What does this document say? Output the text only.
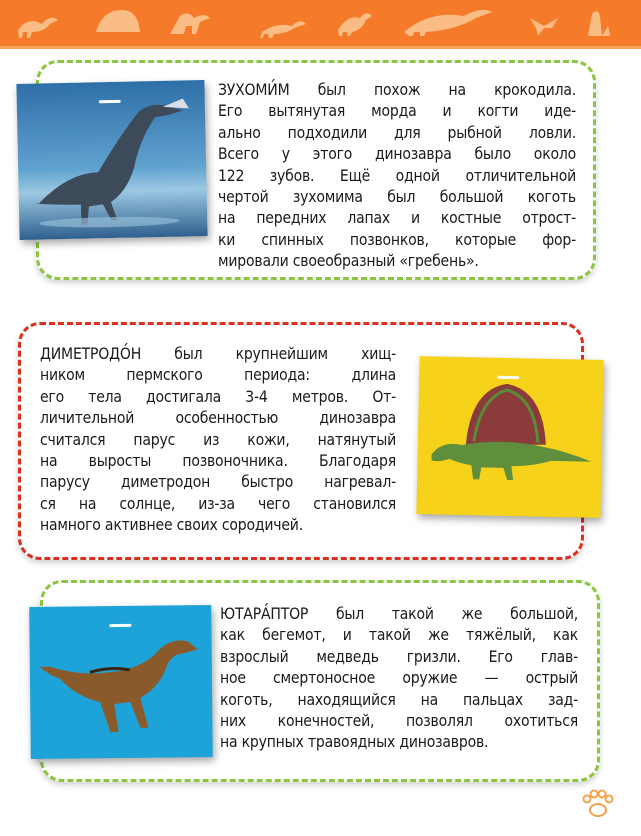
ЗУХОМИ́М был похож на крокодила.
Его вытянутая морда и когти иде-
ально подходили для рыбной ловли.
Всего у этого динозавра было около
122 зубов. Ещё одной отличительной
чертой зухомима был большой коготь
на передних лапах и костные отрост-
ки спинных позвонков, которые фор-
мировали своеобразный «гребень».
ДИМЕТРОДО́Н был крупнейшим хищ-
ником пермского периода: длина
его тела достигала 3-4 метров. От-
личительной особенностью динозавра
считался парус из кожи, натянутый
на выросты позвоночника. Благодаря
парусу диметродон быстро нагревал-
ся на солнце, из-за чего становился
намного активнее своих сородичей.
ЮТАРА́ПТОР был такой же большой,
как бегемот, и такой же тяжёлый, как
взрослый медведь гризли. Его глав-
ное смертоносное оружие — острый
коготь, находящийся на пальцах зад-
них конечностей, позволял охотиться
на крупных травоядных динозавров.
